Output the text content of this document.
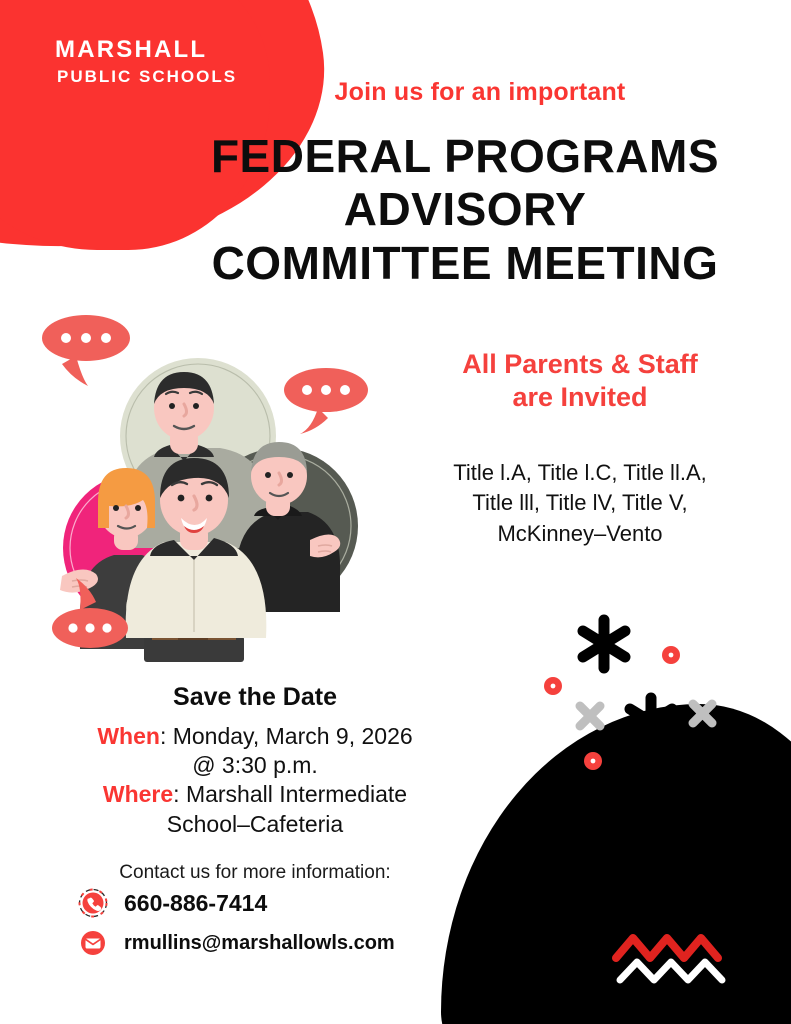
MARSHALL
PUBLIC SCHOOLS
Join us for an important
FEDERAL PROGRAMS
ADVISORY
COMMITTEE MEETING
All Parents & Staff
are Invited
Title l.A, Title l.C, Title ll.A,
Title lll, Title lV, Title V,
McKinney–Vento
Save the Date
When: Monday, March 9, 2026
@ 3:30 p.m.
Where: Marshall Intermediate
School–Cafeteria
Contact us for more information:
660-886-7414
rmullins@marshallowls.com
